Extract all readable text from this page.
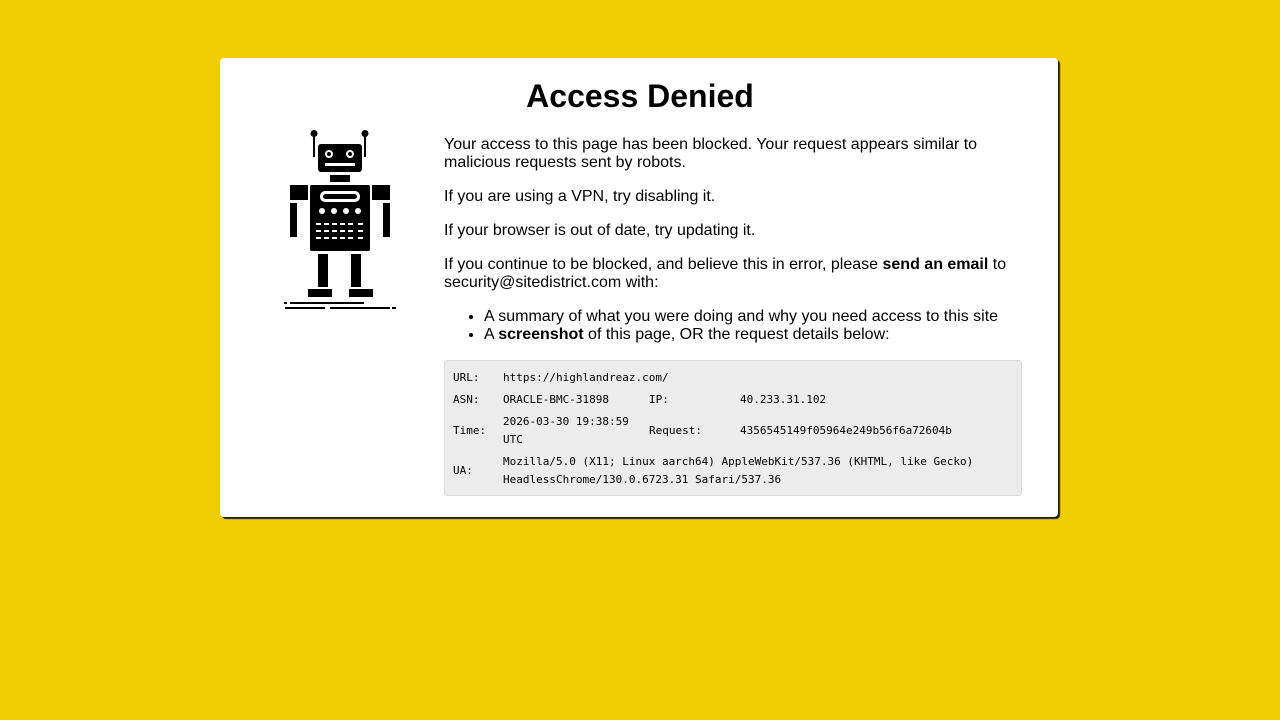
Access Denied

Your access to this page has been blocked. Your request appears similar to malicious requests sent by robots.

If you are using a VPN, try disabling it.

If your browser is out of date, try updating it.

If you continue to be blocked, and believe this in error, please send an email to security@sitedistrict.com with:

• A summary of what you were doing and why you need access to this site
• A screenshot of this page, OR the request details below:
URL:	https://highlandreaz.com/		
ASN:	ORACLE-BMC-31898	IP:	40.233.31.102
Time:	2026-03-30 19:38:59 UTC	Request:	4356545149f05964e249b56f6a72604b
UA:	Mozilla/5.0 (X11; Linux aarch64) AppleWebKit/537.36 (KHTML, like Gecko) HeadlessChrome/130.0.6723.31 Safari/537.36		
